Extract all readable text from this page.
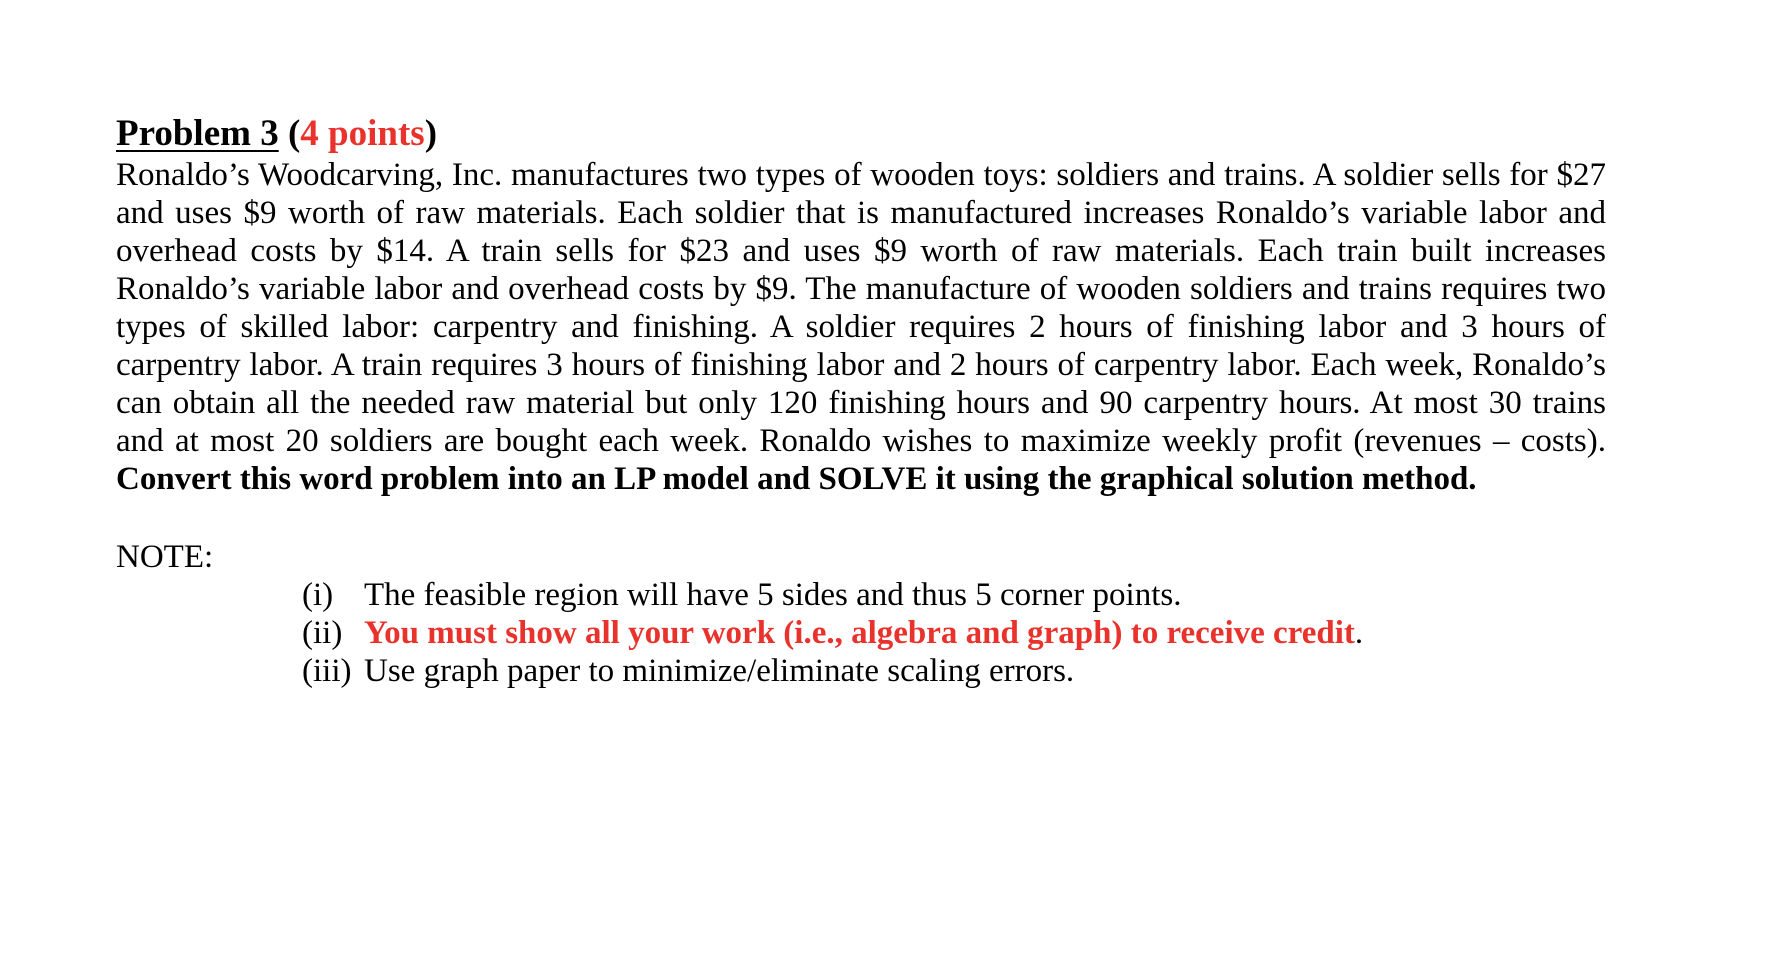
Problem 3 (4 points)

Ronaldo’s Woodcarving, Inc. manufactures two types of wooden toys: soldiers and trains. A soldier sells for $27 and uses $9 worth of raw materials. Each soldier that is manufactured increases Ronaldo’s variable labor and overhead costs by $14. A train sells for $23 and uses $9 worth of raw materials. Each train built increases Ronaldo’s variable labor and overhead costs by $9. The manufacture of wooden soldiers and trains requires two types of skilled labor: carpentry and finishing. A soldier requires 2 hours of finishing labor and 3 hours of carpentry labor. A train requires 3 hours of finishing labor and 2 hours of carpentry labor. Each week, Ronaldo’s can obtain all the needed raw material but only 120 finishing hours and 90 carpentry hours. At most 30 trains and at most 20 soldiers are bought each week. Ronaldo wishes to maximize weekly profit (revenues – costs). Convert this word problem into an LP model and SOLVE it using the graphical solution method.

NOTE:

(i) The feasible region will have 5 sides and thus 5 corner points.
(ii) You must show all your work (i.e., algebra and graph) to receive credit.
(iii) Use graph paper to minimize/eliminate scaling errors.
